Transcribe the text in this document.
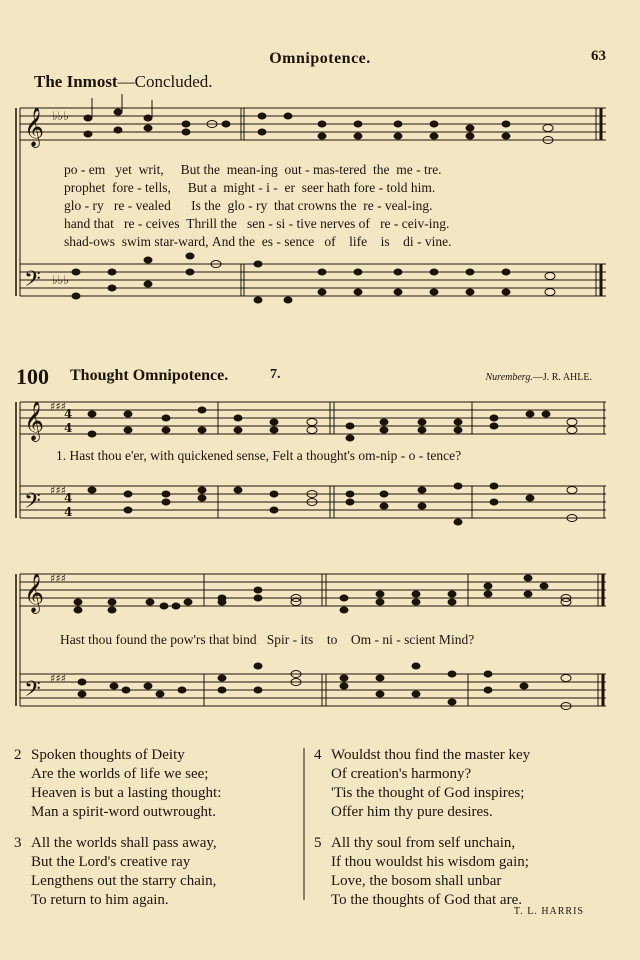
Omnipotence.	63
The Inmost—Concluded.
𝄞
𝄢
♭♭♭
♭♭♭
𝄞
𝄢
♯♯♯
♯♯♯
4
4
4
4
𝄞
𝄢
♯♯♯
♯♯♯
po - em yet writ, But the mean-ing out - mas-tered the me - tre.
prophet fore - tells, But a might - i - er seer hath fore - told him.
glo - ry re - vealed Is the glo - ry that crowns the re - veal-ing.
hand that re - ceives Thrill the sen - si - tive nerves of re - ceiv-ing.
shad-ows swim star-ward, And the es - sence of life is di - vine.
100 Thought Omnipotence.	7.	Nuremberg.—J. R. AHLE.
1. Hast thou e'er, with quickened sense, Felt a thought's om-nip - o - tence?
Hast thou found the pow'rs that bind Spir - its to Om - ni - scient Mind?
2 Spoken thoughts of Deity
Are the worlds of life we see;
Heaven is but a lasting thought:
Man a spirit-word outwrought.
4 Wouldst thou find the master key
Of creation's harmony?
'Tis the thought of God inspires;
Offer him thy pure desires.
3 All the worlds shall pass away,
But the Lord's creative ray
Lengthens out the starry chain,
To return to him again.
5 All thy soul from self unchain,
If thou wouldst his wisdom gain;
Love, the bosom shall unbar
To the thoughts of God that are.
T. L. HARRIS
